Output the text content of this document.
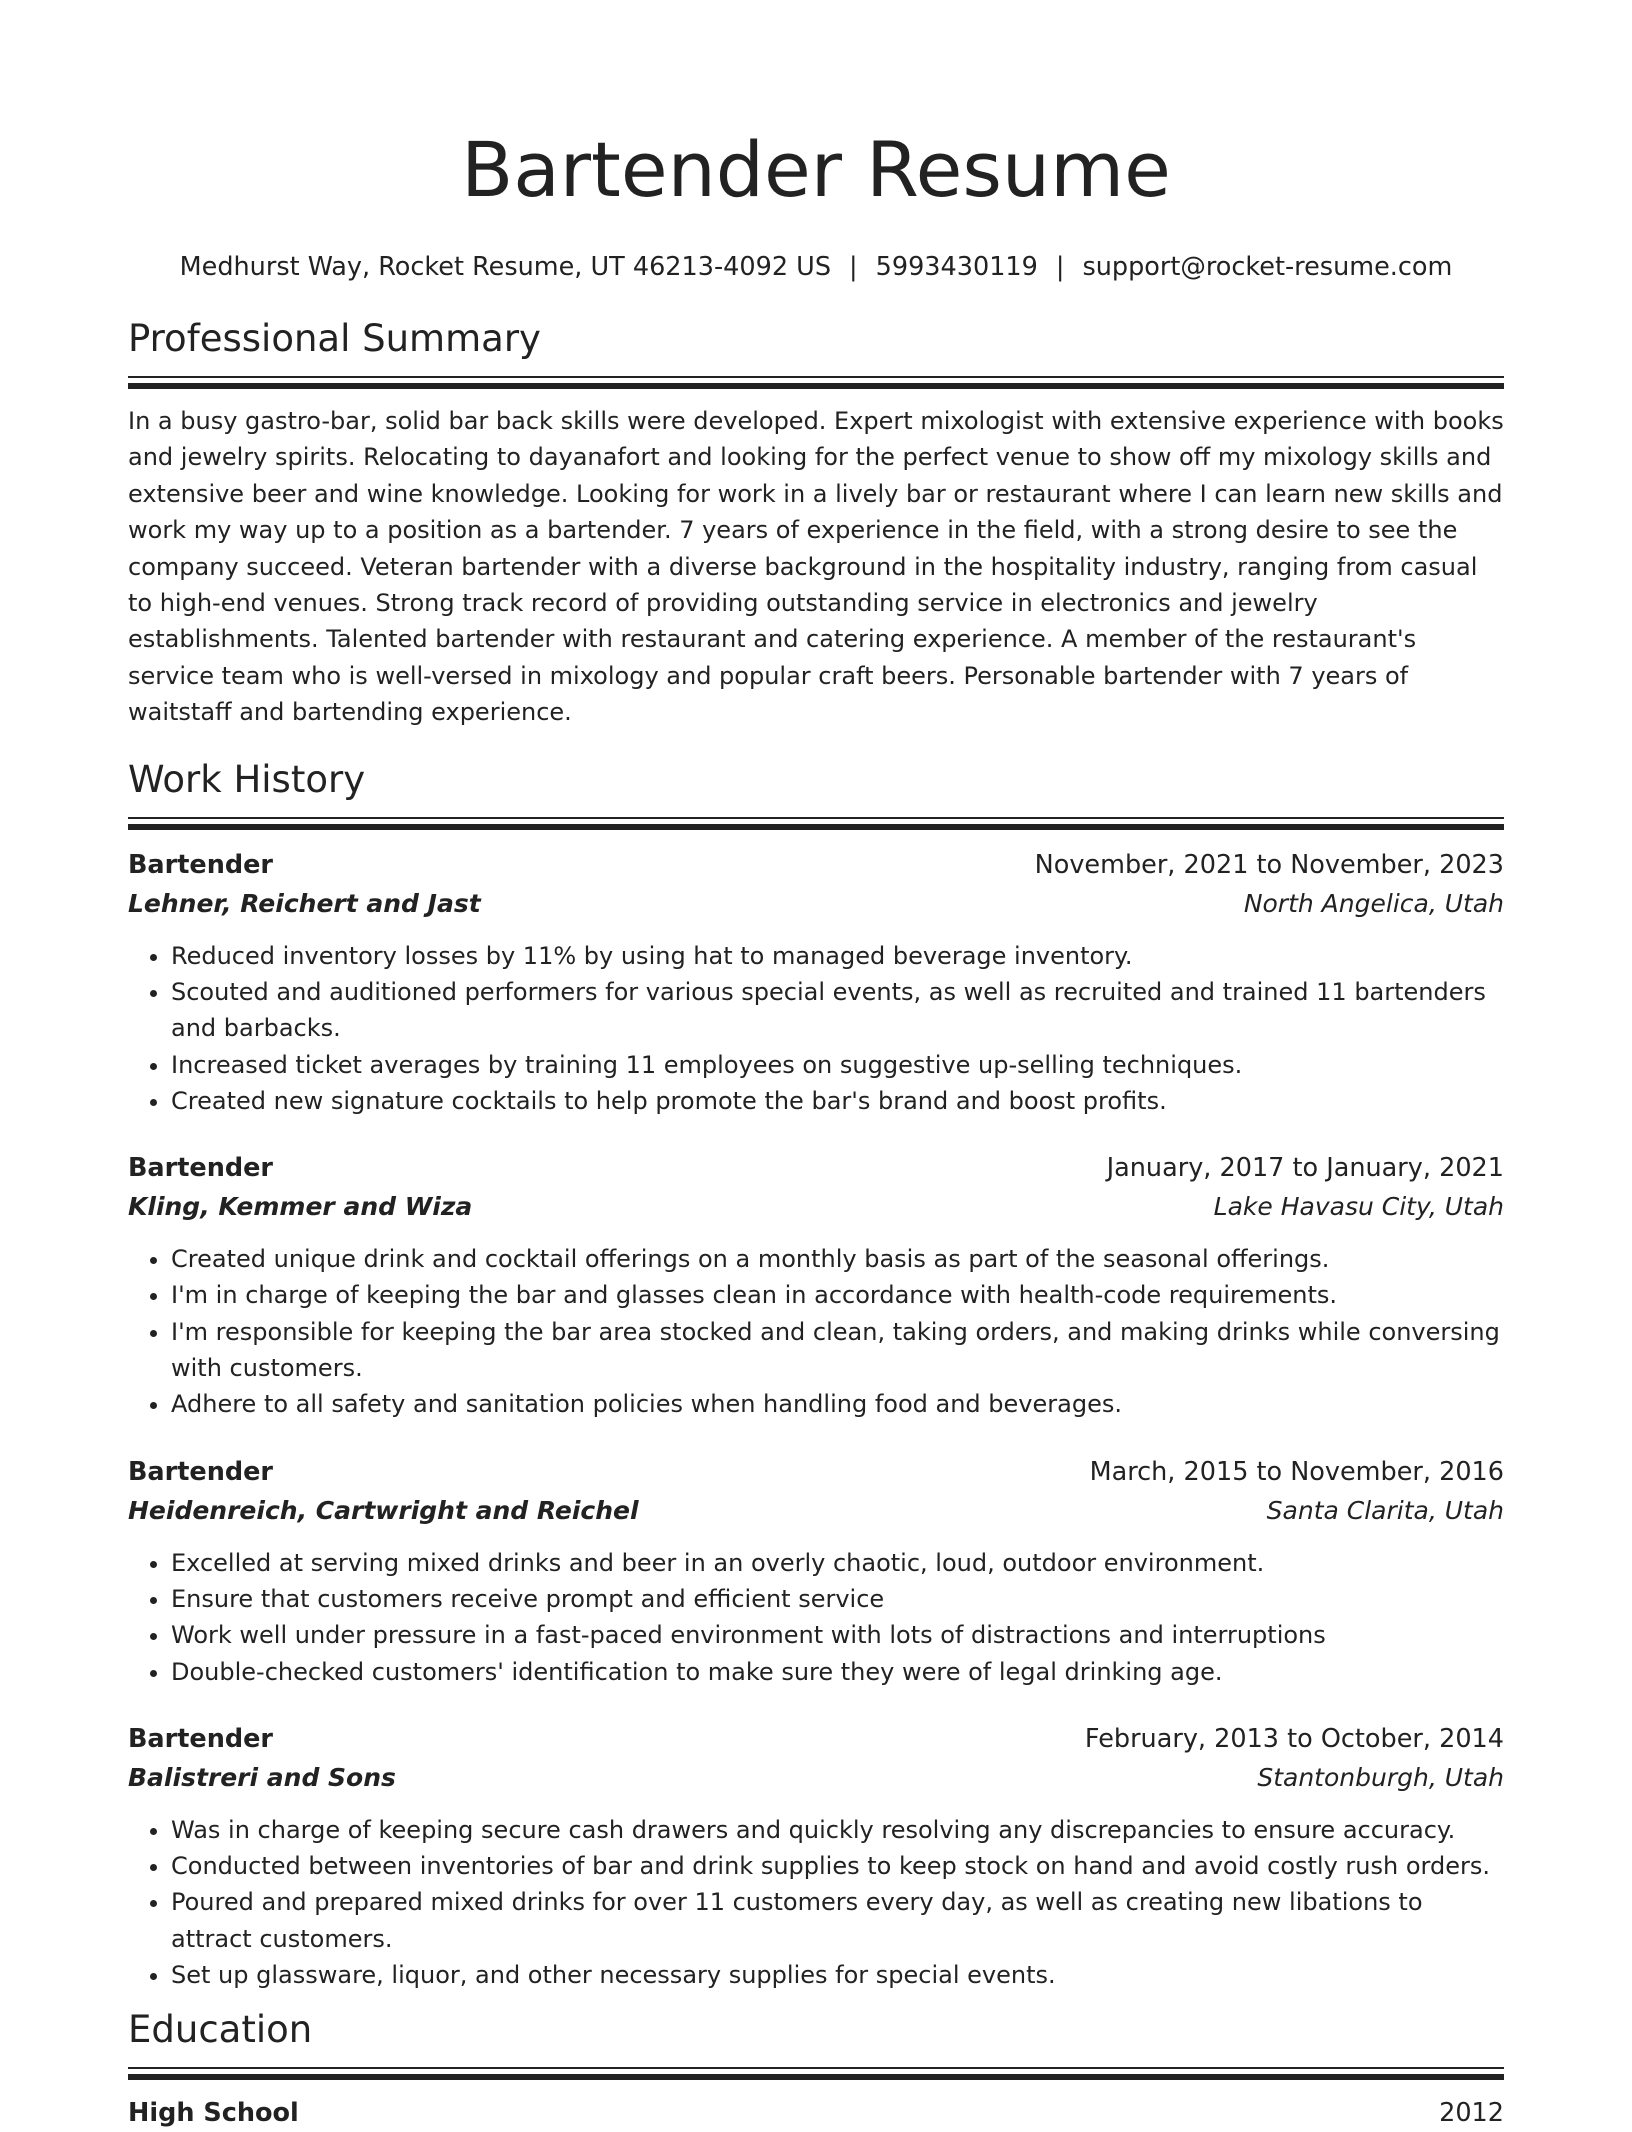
Bartender Resume
Medhurst Way, Rocket Resume, UT 46213-4092 US | 5993430119 | support@rocket-resume.com
Professional Summary

In a busy gastro-bar, solid bar back skills were developed. Expert mixologist with extensive experience with books and jewelry spirits. Relocating to dayanafort and looking for the perfect venue to show off my mixology skills and extensive beer and wine knowledge. Looking for work in a lively bar or restaurant where I can learn new skills and work my way up to a position as a bartender. 7 years of experience in the field, with a strong desire to see the company succeed. Veteran bartender with a diverse background in the hospitality industry, ranging from casual to high-end venues. Strong track record of providing outstanding service in electronics and jewelry establishments. Talented bartender with restaurant and catering experience. A member of the restaurant's service team who is well-versed in mixology and popular craft beers. Personable bartender with 7 years of waitstaff and bartending experience.

Work History
Bartender	November, 2021 to November, 2023
Lehner, Reichert and Jast	North Angelica, Utah
• Reduced inventory losses by 11% by using hat to managed beverage inventory.
• Scouted and auditioned performers for various special events, as well as recruited and trained 11 bartenders and barbacks.
• Increased ticket averages by training 11 employees on suggestive up-selling techniques.
• Created new signature cocktails to help promote the bar's brand and boost profits.
Bartender	January, 2017 to January, 2021
Kling, Kemmer and Wiza	Lake Havasu City, Utah
• Created unique drink and cocktail offerings on a monthly basis as part of the seasonal offerings.
• I'm in charge of keeping the bar and glasses clean in accordance with health-code requirements.
• I'm responsible for keeping the bar area stocked and clean, taking orders, and making drinks while conversing with customers.
• Adhere to all safety and sanitation policies when handling food and beverages.
Bartender	March, 2015 to November, 2016
Heidenreich, Cartwright and Reichel	Santa Clarita, Utah
• Excelled at serving mixed drinks and beer in an overly chaotic, loud, outdoor environment.
• Ensure that customers receive prompt and efficient service
• Work well under pressure in a fast-paced environment with lots of distractions and interruptions
• Double-checked customers' identification to make sure they were of legal drinking age.
Bartender	February, 2013 to October, 2014
Balistreri and Sons	Stantonburgh, Utah
• Was in charge of keeping secure cash drawers and quickly resolving any discrepancies to ensure accuracy.
• Conducted between inventories of bar and drink supplies to keep stock on hand and avoid costly rush orders.
• Poured and prepared mixed drinks for over 11 customers every day, as well as creating new libations to attract customers.
• Set up glassware, liquor, and other necessary supplies for special events.
Education
High School	2012
